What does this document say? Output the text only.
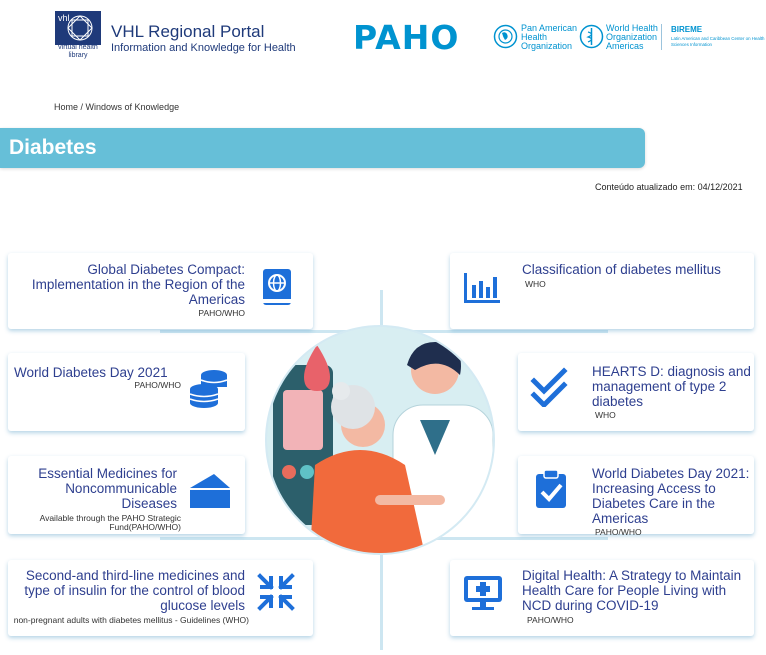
vhl
virtual health library
VHL Regional Portal
Information and Knowledge for Health PAHO	Pan American Health Organization
World Health Organization
Americas
BIREME
Latin American and Caribbean Center on Health Sciences Information
Home / Windows of Knowledge
Diabetes
Conteúdo atualizado em: 04/12/2021
Global Diabetes Compact: Implementation in the Region of the Americas
PAHO/WHO
World Diabetes Day 2021
PAHO/WHO
Essential Medicines for Noncommunicable Diseases
Available through the PAHO Strategic Fund(PAHO/WHO)
Second-and third-line medicines and type of insulin for the control of blood glucose levels
non-pregnant adults with diabetes mellitus - Guidelines (WHO)
Classification of diabetes mellitus
WHO
HEARTS D: diagnosis and management of type 2 diabetes
WHO
World Diabetes Day 2021: Increasing Access to Diabetes Care in the Americas
PAHO/WHO
Digital Health: A Strategy to Maintain Health Care for People Living with NCD during COVID-19
PAHO/WHO
